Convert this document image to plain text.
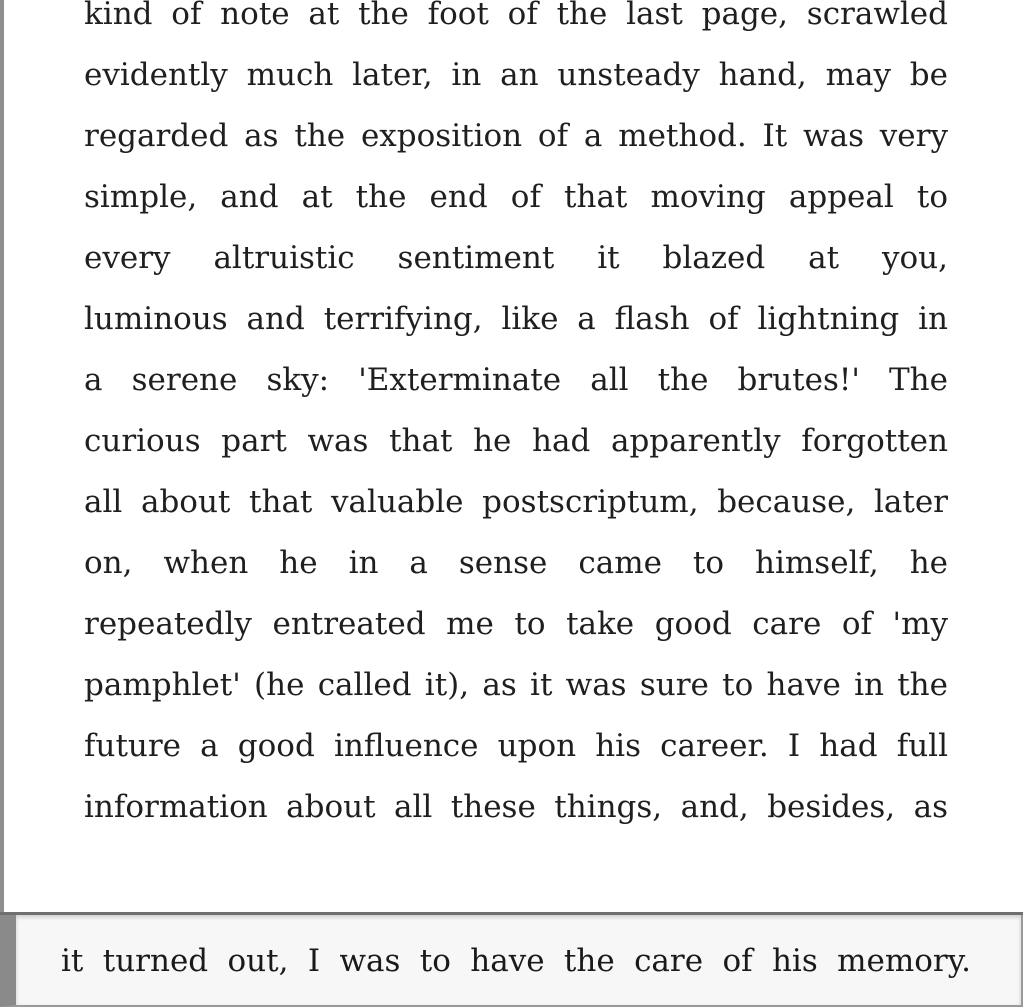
kind of note at the foot of the last page, scrawled
evidently much later, in an unsteady hand, may be
regarded as the exposition of a method. It was very
simple, and at the end of that moving appeal to
every altruistic sentiment it blazed at you,
luminous and terrifying, like a flash of lightning in
a serene sky: 'Exterminate all the brutes!' The
curious part was that he had apparently forgotten
all about that valuable postscriptum, because, later
on, when he in a sense came to himself, he
repeatedly entreated me to take good care of 'my
pamphlet' (he called it), as it was sure to have in the
future a good influence upon his career. I had full
information about all these things, and, besides, as
it turned out, I was to have the care of his memory.
